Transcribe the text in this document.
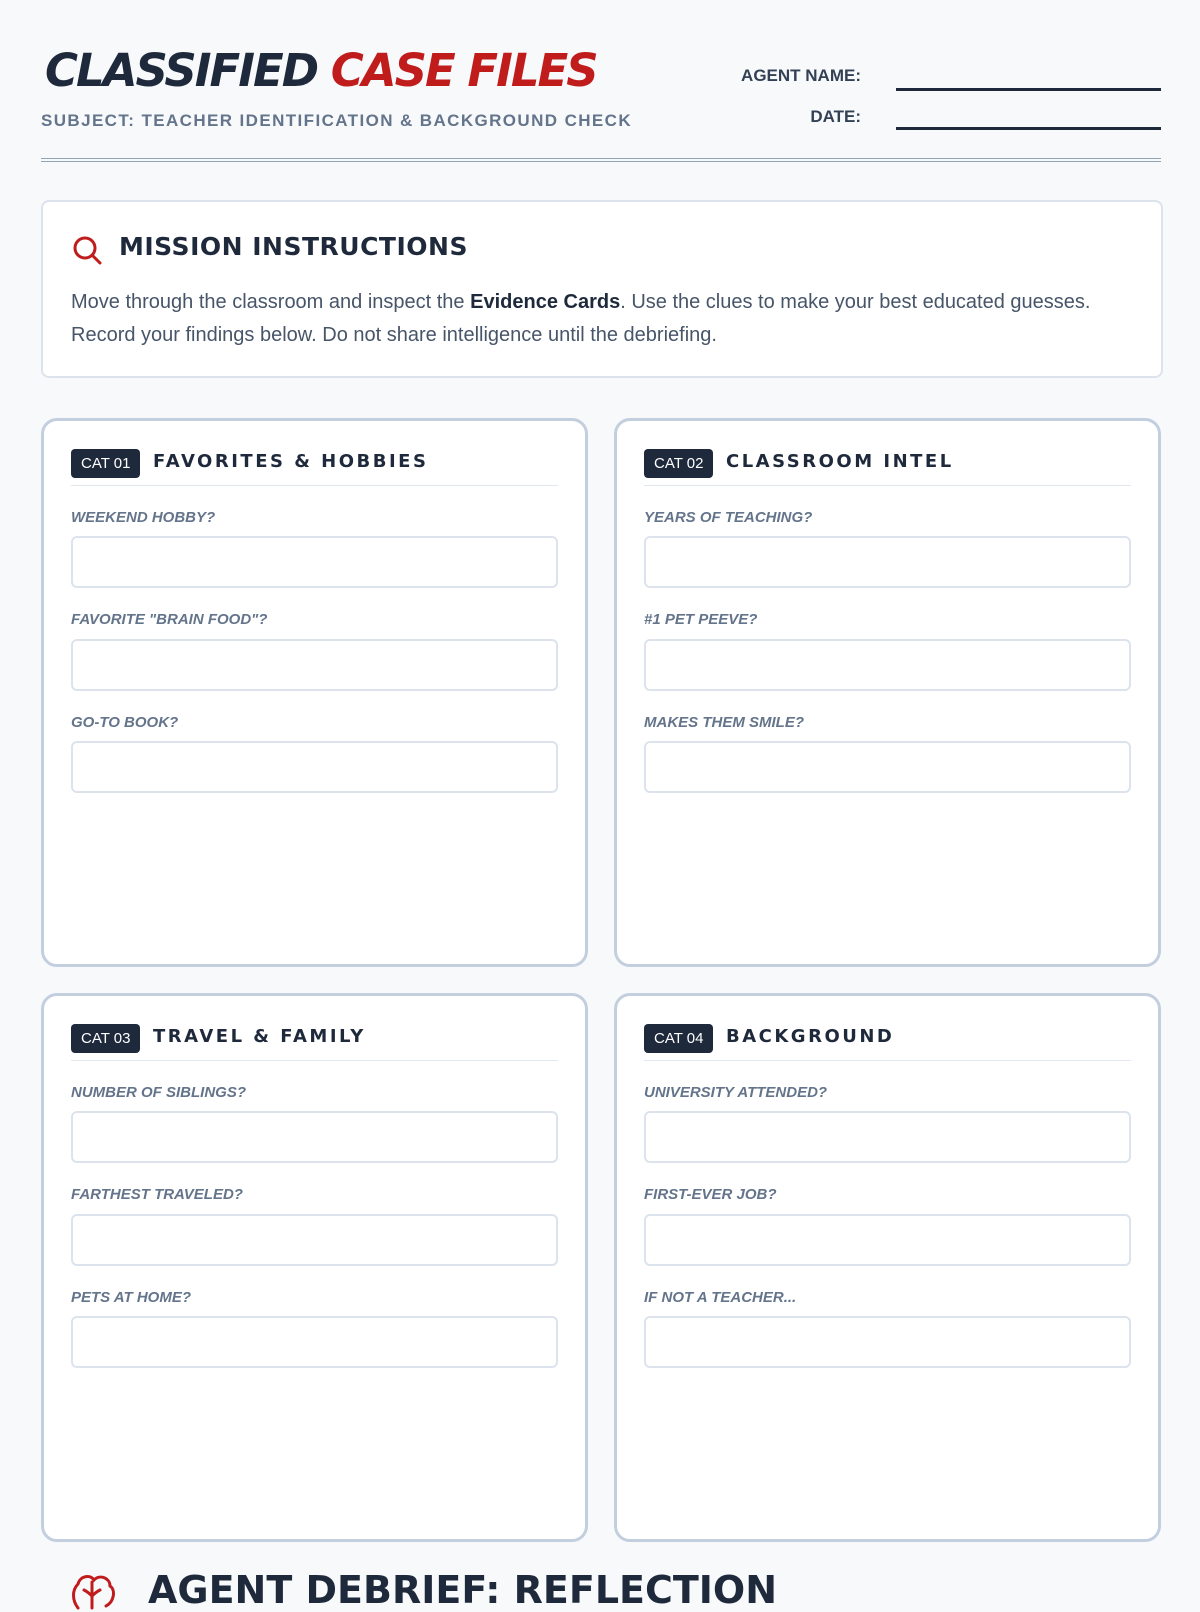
CLASSIFIED CASE FILES
SUBJECT: TEACHER IDENTIFICATION & BACKGROUND CHECK
AGENT NAME:
DATE:
MISSION INSTRUCTIONS

Move through the classroom and inspect the Evidence Cards. Use the clues to make your best educated guesses. Record your findings below. Do not share intelligence until the debriefing.

CAT 01	FAVORITES & HOBBIES
WEEKEND HOBBY?
FAVORITE "BRAIN FOOD"?
GO-TO BOOK?
CAT 02	CLASSROOM INTEL
YEARS OF TEACHING?
#1 PET PEEVE?
MAKES THEM SMILE?
CAT 03	TRAVEL & FAMILY
NUMBER OF SIBLINGS?
FARTHEST TRAVELED?
PETS AT HOME?
CAT 04	BACKGROUND
UNIVERSITY ATTENDED?
FIRST-EVER JOB?
IF NOT A TEACHER...
AGENT DEBRIEF: REFLECTION
